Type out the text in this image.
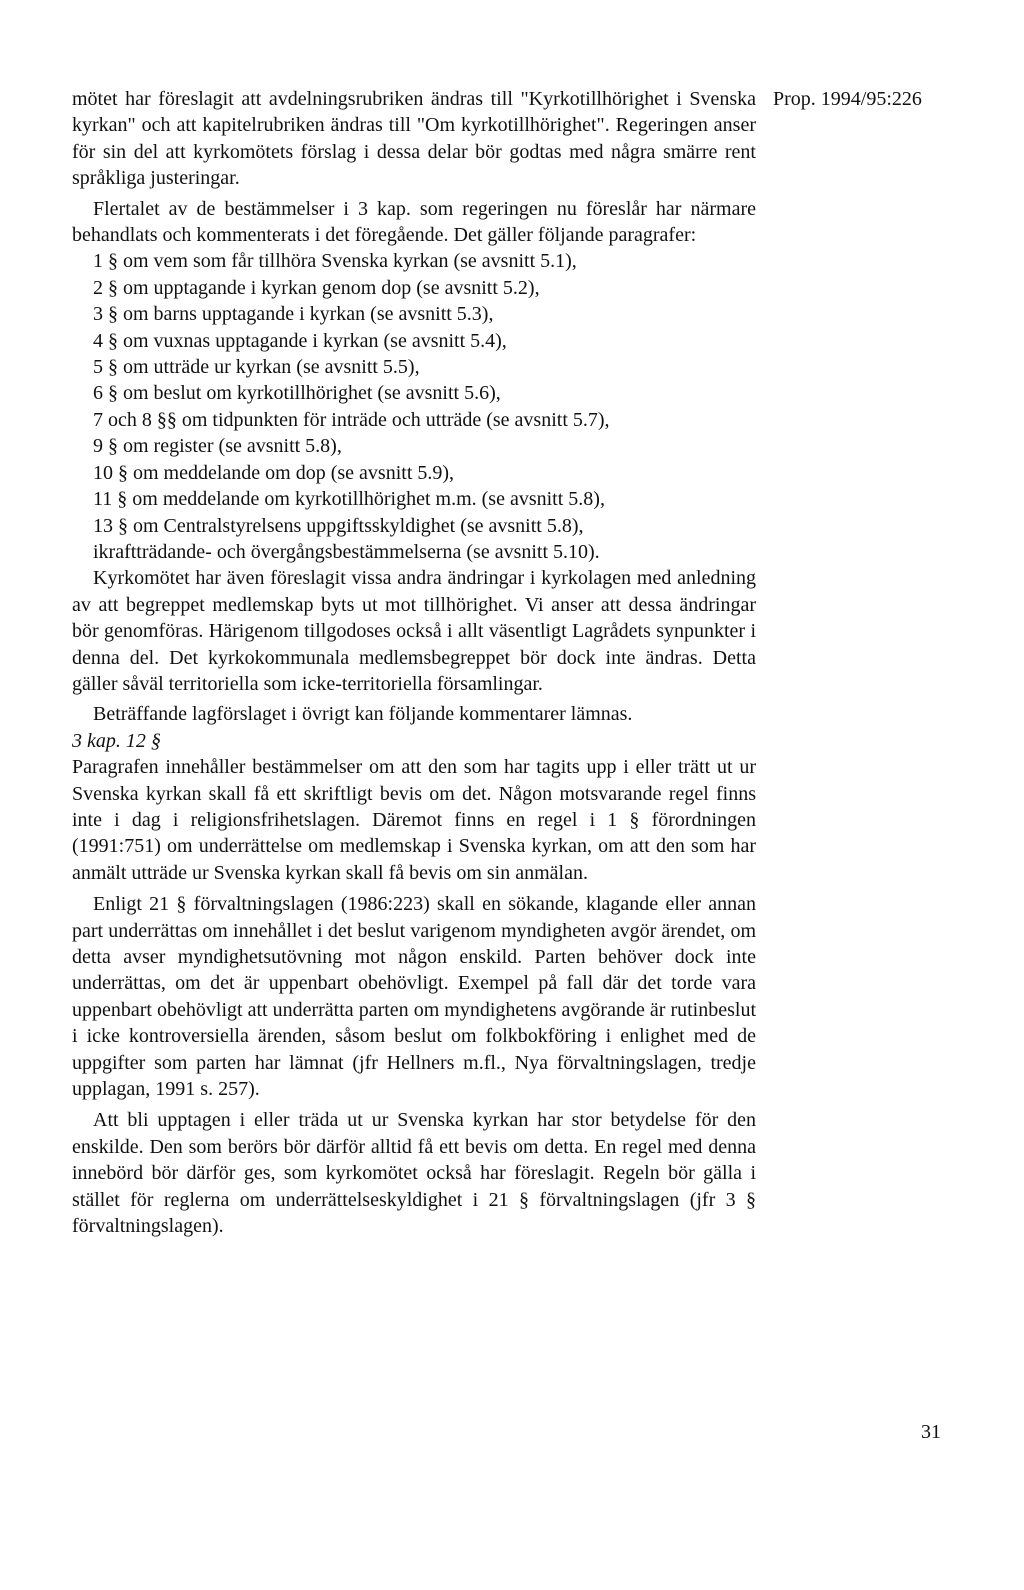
Prop. 1994/95:226

mötet har föreslagit att avdelningsrubriken ändras till "Kyrkotillhörighet i Svenska kyrkan" och att kapitelrubriken ändras till "Om kyrkotillhörighet". Regeringen anser för sin del att kyrkomötets förslag i dessa delar bör godtas med några smärre rent språkliga justeringar.

Flertalet av de bestämmelser i 3 kap. som regeringen nu föreslår har närmare behandlats och kommenterats i det föregående. Det gäller följande paragrafer:

1 § om vem som får tillhöra Svenska kyrkan (se avsnitt 5.1),
2 § om upptagande i kyrkan genom dop (se avsnitt 5.2),
3 § om barns upptagande i kyrkan (se avsnitt 5.3),
4 § om vuxnas upptagande i kyrkan (se avsnitt 5.4),
5 § om utträde ur kyrkan (se avsnitt 5.5),
6 § om beslut om kyrkotillhörighet (se avsnitt 5.6),
7 och 8 §§ om tidpunkten för inträde och utträde (se avsnitt 5.7),
9 § om register (se avsnitt 5.8),
10 § om meddelande om dop (se avsnitt 5.9),
11 § om meddelande om kyrkotillhörighet m.m. (se avsnitt 5.8),
13 § om Centralstyrelsens uppgiftsskyldighet (se avsnitt 5.8),
ikraftträdande- och övergångsbestämmelserna (se avsnitt 5.10).

Kyrkomötet har även föreslagit vissa andra ändringar i kyrkolagen med anledning av att begreppet medlemskap byts ut mot tillhörighet. Vi anser att dessa ändringar bör genomföras. Härigenom tillgodoses också i allt väsentligt Lagrådets synpunkter i denna del. Det kyrkokommunala medlemsbegreppet bör dock inte ändras. Detta gäller såväl territoriella som icke-territoriella församlingar.

Beträffande lagförslaget i övrigt kan följande kommentarer lämnas.

3 kap. 12 §

Paragrafen innehåller bestämmelser om att den som har tagits upp i eller trätt ut ur Svenska kyrkan skall få ett skriftligt bevis om det. Någon motsvarande regel finns inte i dag i religionsfrihetslagen. Däremot finns en regel i 1 § förordningen (1991:751) om underrättelse om medlemskap i Svenska kyrkan, om att den som har anmält utträde ur Svenska kyrkan skall få bevis om sin anmälan.

Enligt 21 § förvaltningslagen (1986:223) skall en sökande, klagande eller annan part underrättas om innehållet i det beslut varigenom myndigheten avgör ärendet, om detta avser myndighetsutövning mot någon enskild. Parten behöver dock inte underrättas, om det är uppenbart obehövligt. Exempel på fall där det torde vara uppenbart obehövligt att underrätta parten om myndighetens avgörande är rutinbeslut i icke kontroversiella ärenden, såsom beslut om folkbokföring i enlighet med de uppgifter som parten har lämnat (jfr Hellners m.fl., Nya förvaltningslagen, tredje upplagan, 1991 s. 257).

Att bli upptagen i eller träda ut ur Svenska kyrkan har stor betydelse för den enskilde. Den som berörs bör därför alltid få ett bevis om detta. En regel med denna innebörd bör därför ges, som kyrkomötet också har föreslagit. Regeln bör gälla i stället för reglerna om underrättelseskyldighet i 21 § förvaltningslagen (jfr 3 § förvaltningslagen).

31
